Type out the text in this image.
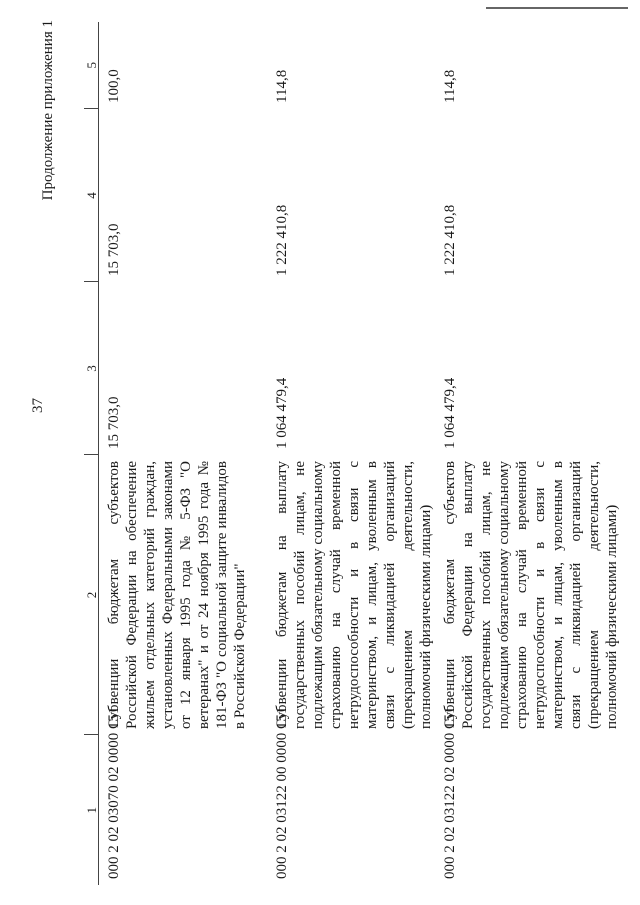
37
Продолжение приложения 1
1	2	3	4	5
000 2 02 03070 02 0000 151	Субвенции бюджетам субъектов Российской Федерации на обеспечение жильем отдельных категорий граждан, установленных Федеральными законами от 12 января 1995 года № 5-ФЗ "О ветеранах" и от 24 ноября 1995 года № 181-ФЗ "О социальной защите инвалидов в Российской Федерации"	15 703,0	15 703,0	100,0
000 2 02 03122 00 0000 151	Субвенции бюджетам на выплату государственных пособий лицам, не подлежащим обязательному социальному страхованию на случай временной нетрудоспособности и в связи с материнством, и лицам, уволенным в связи с ликвидацией организаций (прекращением деятельности, полномочий физическими лицами)	1 064 479,4	1 222 410,8	114,8
000 2 02 03122 02 0000 151	Субвенции бюджетам субъектов Российской Федерации на выплату государственных пособий лицам, не подлежащим обязательному социальному страхованию на случай временной нетрудоспособности и в связи с материнством, и лицам, уволенным в связи с ликвидацией организаций (прекращением деятельности, полномочий физическими лицами)	1 064 479,4	1 222 410,8	114,8
